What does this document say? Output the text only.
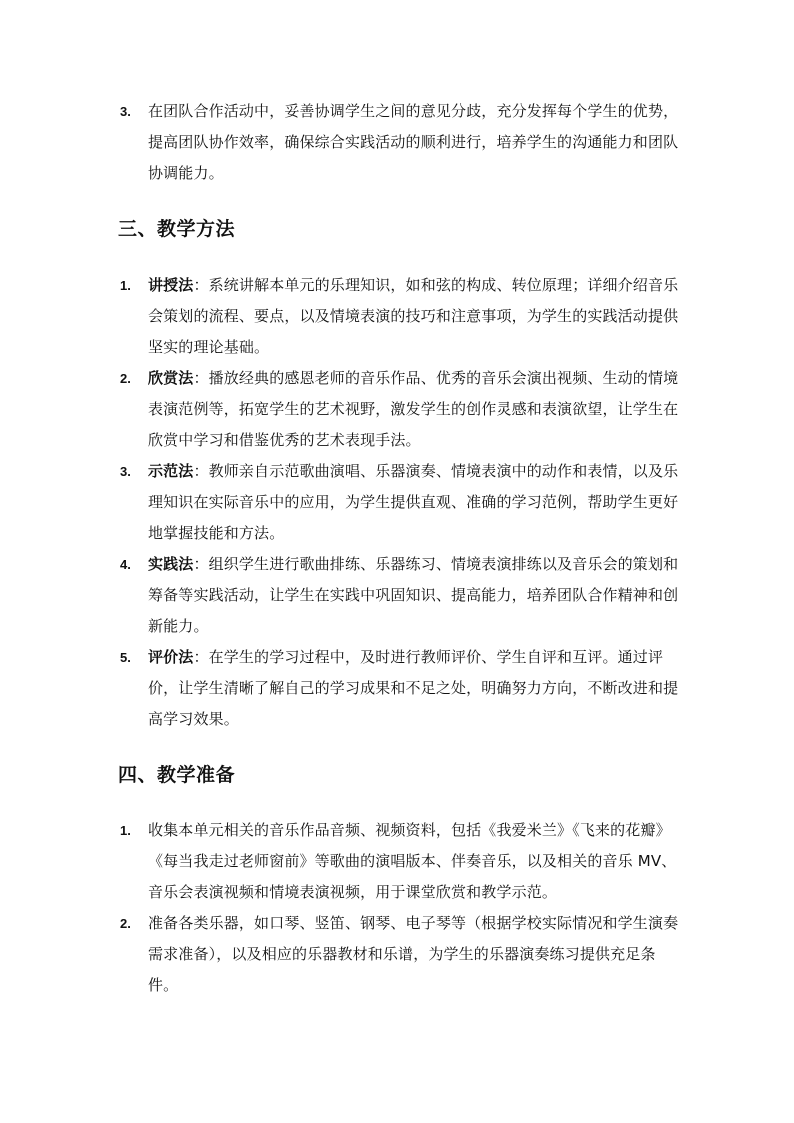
3. 在团队合作活动中，妥善协调学生之间的意见分歧，充分发挥每个学生的优势，提高团队协作效率，确保综合实践活动的顺利进行，培养学生的沟通能力和团队协调能力。
三、教学方法
1. 讲授法：系统讲解本单元的乐理知识，如和弦的构成、转位原理；详细介绍音乐会策划的流程、要点，以及情境表演的技巧和注意事项，为学生的实践活动提供坚实的理论基础。
2. 欣赏法：播放经典的感恩老师的音乐作品、优秀的音乐会演出视频、生动的情境表演范例等，拓宽学生的艺术视野，激发学生的创作灵感和表演欲望，让学生在欣赏中学习和借鉴优秀的艺术表现手法。
3. 示范法：教师亲自示范歌曲演唱、乐器演奏、情境表演中的动作和表情，以及乐理知识在实际音乐中的应用，为学生提供直观、准确的学习范例，帮助学生更好地掌握技能和方法。
4. 实践法：组织学生进行歌曲排练、乐器练习、情境表演排练以及音乐会的策划和筹备等实践活动，让学生在实践中巩固知识、提高能力，培养团队合作精神和创新能力。
5. 评价法：在学生的学习过程中，及时进行教师评价、学生自评和互评。通过评价，让学生清晰了解自己的学习成果和不足之处，明确努力方向，不断改进和提高学习效果。
四、教学准备
1. 收集本单元相关的音乐作品音频、视频资料，包括《我爱米兰》《飞来的花瓣》《每当我走过老师窗前》等歌曲的演唱版本、伴奏音乐，以及相关的音乐 MV、音乐会表演视频和情境表演视频，用于课堂欣赏和教学示范。
2. 准备各类乐器，如口琴、竖笛、钢琴、电子琴等（根据学校实际情况和学生演奏需求准备），以及相应的乐器教材和乐谱，为学生的乐器演奏练习提供充足条件。
